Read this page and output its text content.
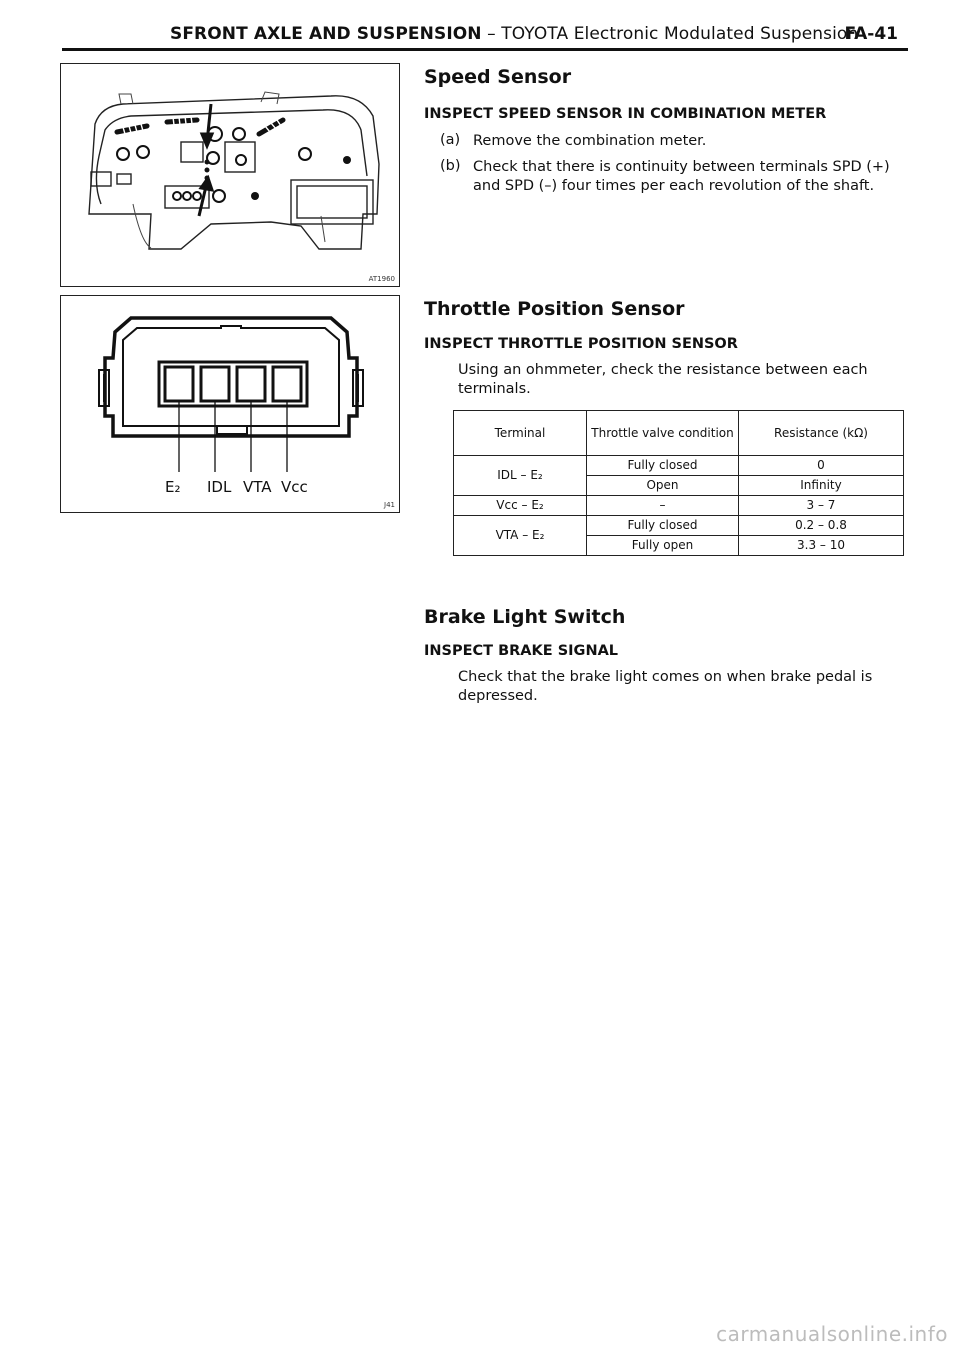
SFRONT AXLE AND SUSPENSION – TOYOTA Electronic Modulated Suspension
FA-41
AT1960
E₂ IDL VTA Vcc
J41
Speed Sensor
INSPECT SPEED SENSOR IN COMBINATION METER
(a) Remove the combination meter.
(b) Check that there is continuity between terminals SPD (+) and SPD (–) four times per each revolution of the shaft.
Throttle Position Sensor
INSPECT THROTTLE POSITION SENSOR
Using an ohmmeter, check the resistance between each terminals.
Terminal	Throttle valve condition	Resistance (kΩ)
IDL – E₂	Fully closed	0
	Open	Infinity
Vcc – E₂	–	3 – 7
VTA – E₂	Fully closed	0.2 – 0.8
	Fully open	3.3 – 10
Brake Light Switch
INSPECT BRAKE SIGNAL
Check that the brake light comes on when brake pedal is depressed.
carmanualsonline.info
